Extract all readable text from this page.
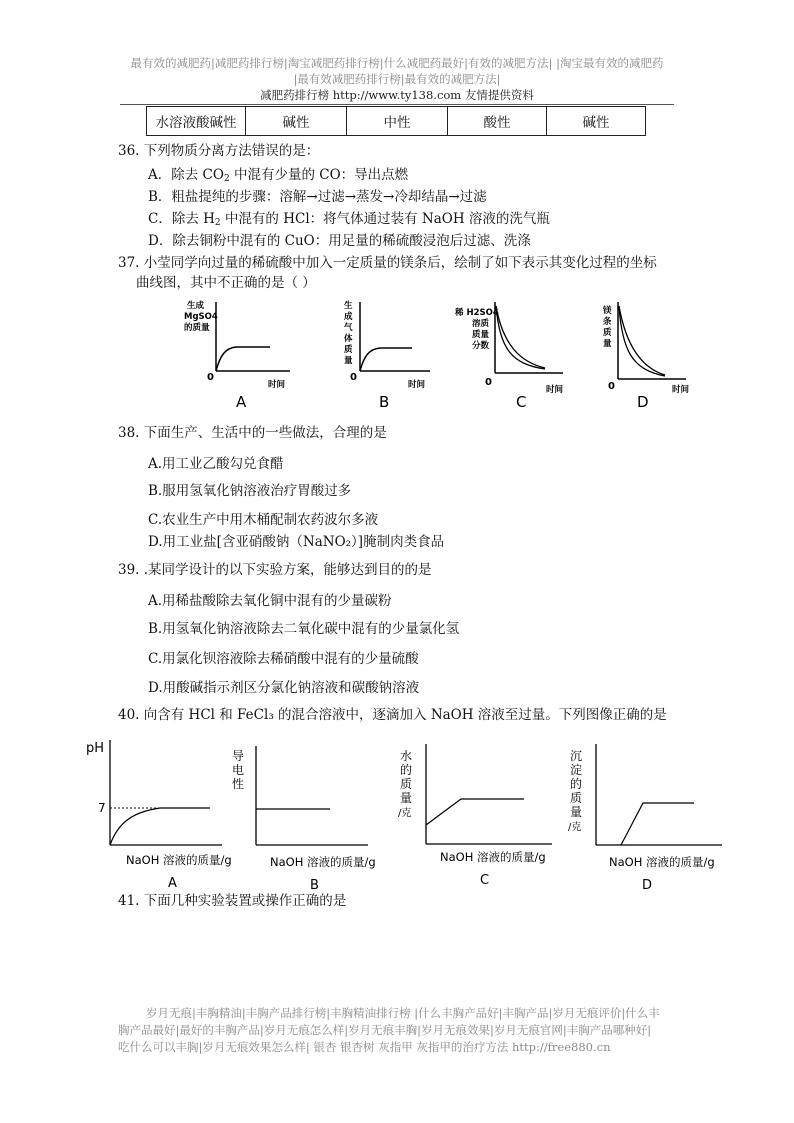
最有效的减肥药|减肥药排行榜|淘宝减肥药排行榜|什么减肥药最好|有效的减肥方法| |淘宝最有效的减肥药
|最有效减肥药排行榜|最有效的减肥方法|
减肥药排行榜 http://www.ty138.com 友情提供资料
水溶液酸碱性	碱性	中性	酸性	碱性
36. 下列物质分离方法错误的是：
A．除去 $CO_2$ 中混有少量的 CO：导出点燃
B．粗盐提纯的步骤：溶解→过滤→蒸发→冷却结晶→过滤
C．除去 $H_2$ 中混有的 HCl：将气体通过装有 NaOH 溶液的洗气瓶
D．除去铜粉中混有的 CuO：用足量的稀硫酸浸泡后过滤、洗涤
37. 小莹同学向过量的稀硫酸中加入一定质量的镁条后，绘制了如下表示其变化过程的坐标
曲线图，其中不正确的是（ ）
生成
MgSO4
的质量
0
时间
生
成
气
体
质
量
0
时间
稀 H2SO4
溶质
质量
分数
0
时间
镁
条
质
量
0	时间
A	B	C	D
pH
7
导
电
性
水
的
质
量
/克
沉
淀
的
质
量
/克
NaOH 溶液的质量/g	NaOH 溶液的质量/g	NaOH 溶液的质量/g	NaOH 溶液的质量/g
A	B	C	D
38. 下面生产、生活中的一些做法，合理的是
A.用工业乙酸勾兑食醋
B.服用氢氧化钠溶液治疗胃酸过多
C.农业生产中用木桶配制农药波尔多液
D.用工业盐[含亚硝酸钠（NaNO₂）]腌制肉类食品
39. .某同学设计的以下实验方案，能够达到目的的是
A.用稀盐酸除去氧化铜中混有的少量碳粉
B.用氢氧化钠溶液除去二氧化碳中混有的少量氯化氢
C.用氯化钡溶液除去稀硝酸中混有的少量硫酸
D.用酸碱指示剂区分氯化钠溶液和碳酸钠溶液
40. 向含有 HCl 和 FeCl₃ 的混合溶液中，逐滴加入 NaOH 溶液至过量。下列图像正确的是
41. 下面几种实验装置或操作正确的是
岁月无痕|丰胸精油|丰胸产品排行榜|丰胸精油排行榜 |什么丰胸产品好|丰胸产品|岁月无痕评价|什么丰
胸产品最好|最好的丰胸产品|岁月无痕怎么样|岁月无痕丰胸|岁月无痕效果|岁月无痕官网|丰胸产品哪种好|
吃什么可以丰胸|岁月无痕效果怎么样| 银杏 银杏树 灰指甲 灰指甲的治疗方法 http://free880.cn
